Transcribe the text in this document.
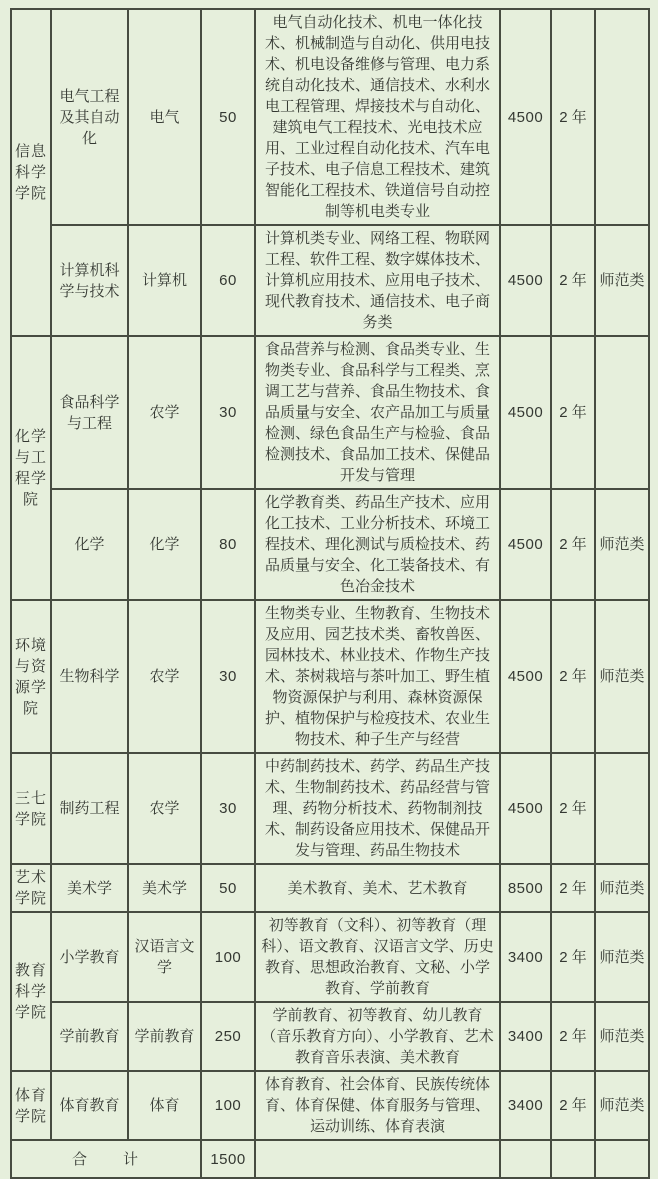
信息科学学院	电气工程及其自动化	电气	50	电气自动化技术、机电一体化技术、机械制造与自动化、供用电技术、机电设备维修与管理、电力系统自动化技术、通信技术、水利水电工程管理、焊接技术与自动化、建筑电气工程技术、光电技术应用、工业过程自动化技术、汽车电子技术、电子信息工程技术、建筑智能化工程技术、铁道信号自动控制等机电类专业	4500	2 年	
	计算机科学与技术	计算机	60	计算机类专业、网络工程、物联网工程、软件工程、数字媒体技术、计算机应用技术、应用电子技术、现代教育技术、通信技术、电子商务类	4500	2 年	师范类
化学与工程学院	食品科学与工程	农学	30	食品营养与检测、食品类专业、生物类专业、食品科学与工程类、烹调工艺与营养、食品生物技术、食品质量与安全、农产品加工与质量检测、绿色食品生产与检验、食品检测技术、食品加工技术、保健品开发与管理	4500	2 年	
	化学	化学	80	化学教育类、药品生产技术、应用化工技术、工业分析技术、环境工程技术、理化测试与质检技术、药品质量与安全、化工装备技术、有色冶金技术	4500	2 年	师范类
环境与资源学院	生物科学	农学	30	生物类专业、生物教育、生物技术及应用、园艺技术类、畜牧兽医、园林技术、林业技术、作物生产技术、茶树栽培与茶叶加工、野生植物资源保护与利用、森林资源保护、植物保护与检疫技术、农业生物技术、种子生产与经营	4500	2 年	师范类
三七学院	制药工程	农学	30	中药制药技术、药学、药品生产技术、生物制药技术、药品经营与管理、药物分析技术、药物制剂技术、制药设备应用技术、保健品开发与管理、药品生物技术	4500	2 年	
艺术学院	美术学	美术学	50	美术教育、美术、艺术教育	8500	2 年	师范类
教育科学学院	小学教育	汉语言文学	100	初等教育（文科）、初等教育（理科）、语文教育、汉语言文学、历史教育、思想政治教育、文秘、小学教育、学前教育	3400	2 年	师范类
	学前教育	学前教育	250	学前教育、初等教育、幼儿教育（音乐教育方向）、小学教育、艺术教育音乐表演、美术教育	3400	2 年	师范类
体育学院	体育教育	体育	100	体育教育、社会体育、民族传统体育、体育保健、体育服务与管理、运动训练、体育表演	3400	2 年	师范类
合　　计			1500				
